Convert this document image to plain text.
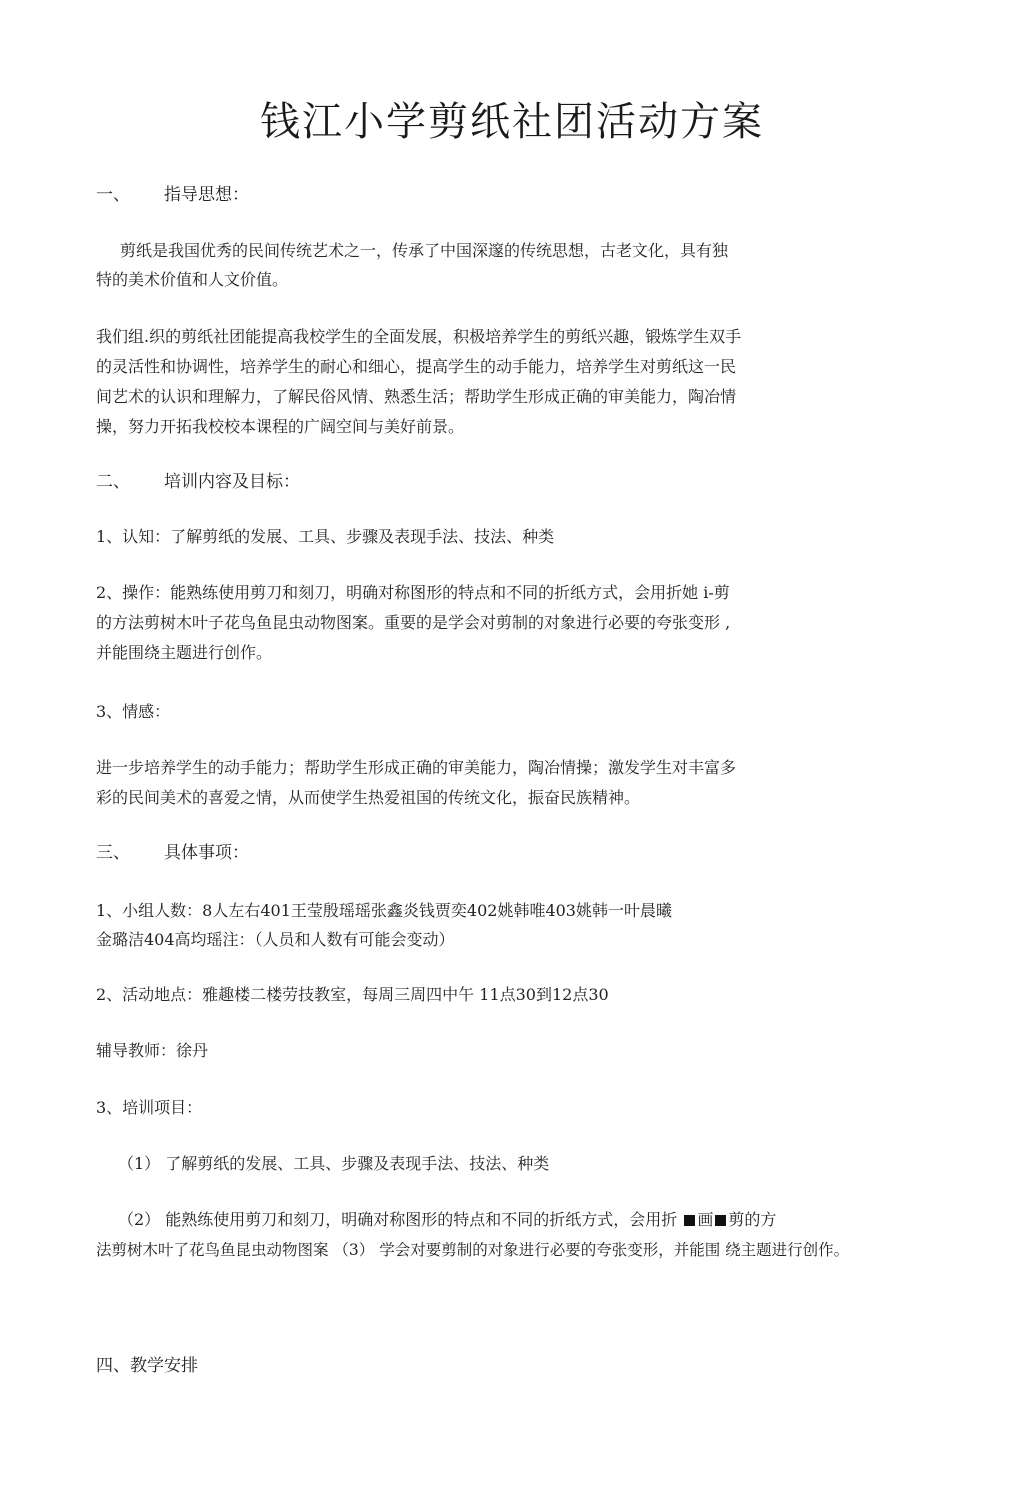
钱江小学剪纸社团活动方案
一、 指导思想：
剪纸是我国优秀的民间传统艺术之一，传承了中国深邃的传统思想，古老文化，具有独
特的美术价值和人文价值。
我们组.织的剪纸社团能提高我校学生的全面发展，积极培养学生的剪纸兴趣，锻炼学生双手
的灵活性和协调性，培养学生的耐心和细心，提高学生的动手能力，培养学生对剪纸这一民
间艺术的认识和理解力，了解民俗风情、熟悉生活；帮助学生形成正确的审美能力，陶冶情
操，努力开拓我校校本课程的广阔空间与美好前景。
二、 培训内容及目标：
1、认知：了解剪纸的发展、工具、步骤及表现手法、技法、种类
2、操作：能熟练使用剪刀和刻刀，明确对称图形的特点和不同的折纸方式，会用折她 i-剪
的方法剪树木叶子花鸟鱼昆虫动物图案。重要的是学会对剪制的对象进行必要的夸张变形 ,
并能围绕主题进行创作。
3、情感：
进一步培养学生的动手能力；帮助学生形成正确的审美能力，陶冶情操；激发学生对丰富多
彩的民间美术的喜爱之情，从而使学生热爱祖国的传统文化，振奋民族精神。
三、 具体事项：
1、小组人数：8人左右401王莹殷瑶瑶张鑫炎钱贾奕402姚韩唯403姚韩一叶晨曦
金璐洁404高均瑶注：（人员和人数有可能会变动）
2、活动地点：雅趣楼二楼劳技教室，每周三周四中午 11点30到12点30
辅导教师：徐丹
3、培训项目：
（1） 了解剪纸的发展、工具、步骤及表现手法、技法、种类
（2） 能熟练使用剪刀和刻刀，明确对称图形的特点和不同的折纸方式，会用折 画 剪的方
法剪树木叶了花鸟鱼昆虫动物图案 （3） 学会对要剪制的对象进行必要的夸张变形，并能围 绕主题进行创作。
四、教学安排
